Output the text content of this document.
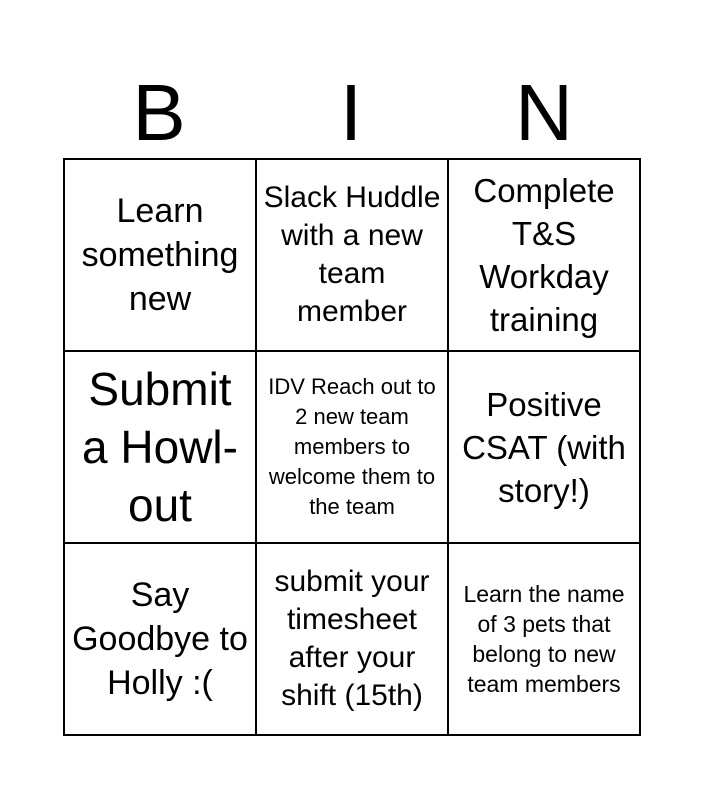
B	I	N
Learn something new
Slack Huddle with a new team member
Complete T&S Workday training
Submit a Howl-out
IDV Reach out to 2 new team members to welcome them to the team
Positive CSAT (with story!)
Say Goodbye to Holly :(
submit your timesheet after your shift (15th)
Learn the name of 3 pets that belong to new team members
